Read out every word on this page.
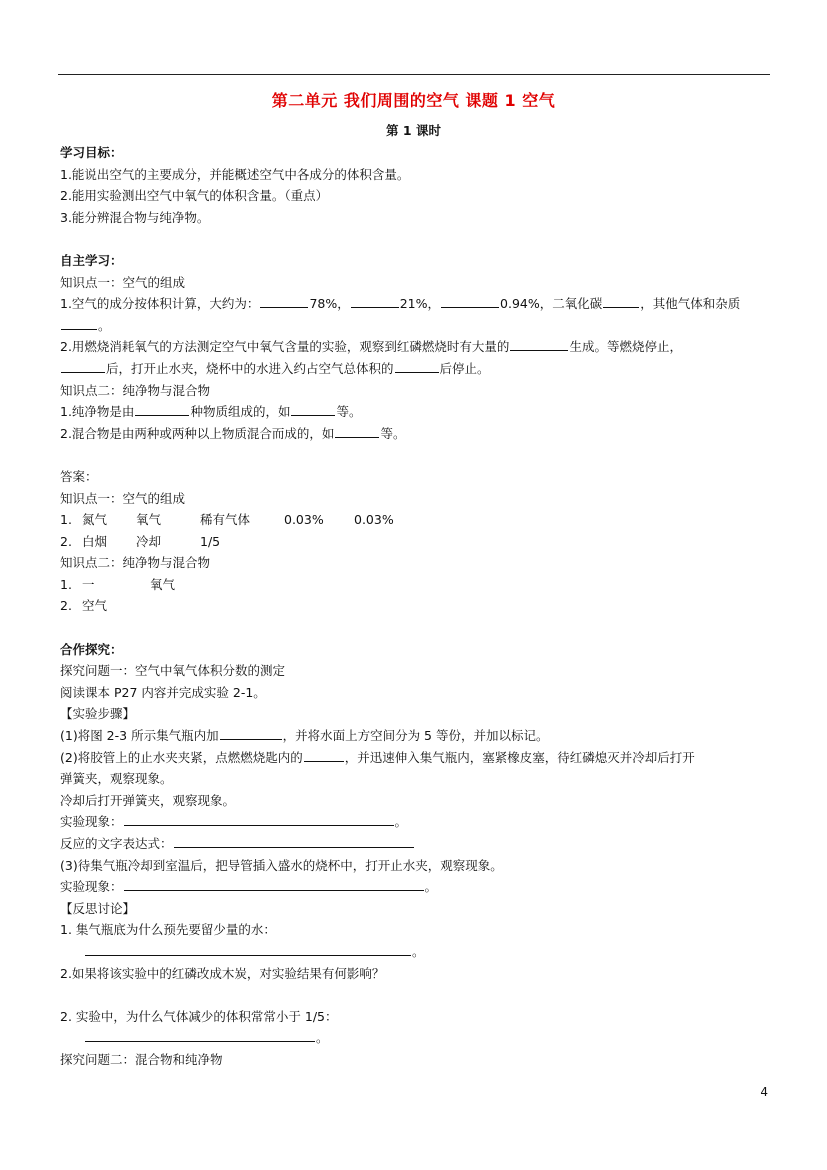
第二单元 我们周围的空气 课题 1 空气
第 1 课时
学习目标：
1.能说出空气的主要成分，并能概述空气中各成分的体积含量。
2.能用实验测出空气中氧气的体积含量。（重点）
3.能分辨混合物与纯净物。
自主学习：
知识点一：空气的组成
1.空气的成分按体积计算，大约为：	78%，	21%，	0.94%，二氧化碳	，其他气体和杂质
。
2.用燃烧消耗氧气的方法测定空气中氧气含量的实验，观察到红磷燃烧时有大量的	生成。等燃烧停止，
后，打开止水夹，烧杯中的水进入约占空气总体积的	后停止。
知识点二：纯净物与混合物
1.纯净物是由	种物质组成的，如	等。
2.混合物是由两种或两种以上物质混合而成的，如	等。
答案：
知识点一：空气的组成
1. 氮气 氧气	稀有气体	0.03% 0.03%
2. 白烟 冷却	1/5
知识点二：纯净物与混合物
1. 一	氧气
2. 空气
合作探究：
探究问题一：空气中氧气体积分数的测定
阅读课本 P27 内容并完成实验 2-1。
【实验步骤】
(1)将图 2-3 所示集气瓶内加	，并将水面上方空间分为 5 等份，并加以标记。
(2)将胶管上的止水夹夹紧，点燃燃烧匙内的	，并迅速伸入集气瓶内，塞紧橡皮塞，待红磷熄灭并冷却后打开
弹簧夹，观察现象。
冷却后打开弹簧夹，观察现象。
实验现象：	。
反应的文字表达式：
(3)待集气瓶冷却到室温后，把导管插入盛水的烧杯中，打开止水夹，观察现象。
实验现象：	。
【反思讨论】
1. 集气瓶底为什么预先要留少量的水：
。
2.如果将该实验中的红磷改成木炭，对实验结果有何影响？
2. 实验中，为什么气体减少的体积常常小于 1/5：
。
探究问题二：混合物和纯净物
4
